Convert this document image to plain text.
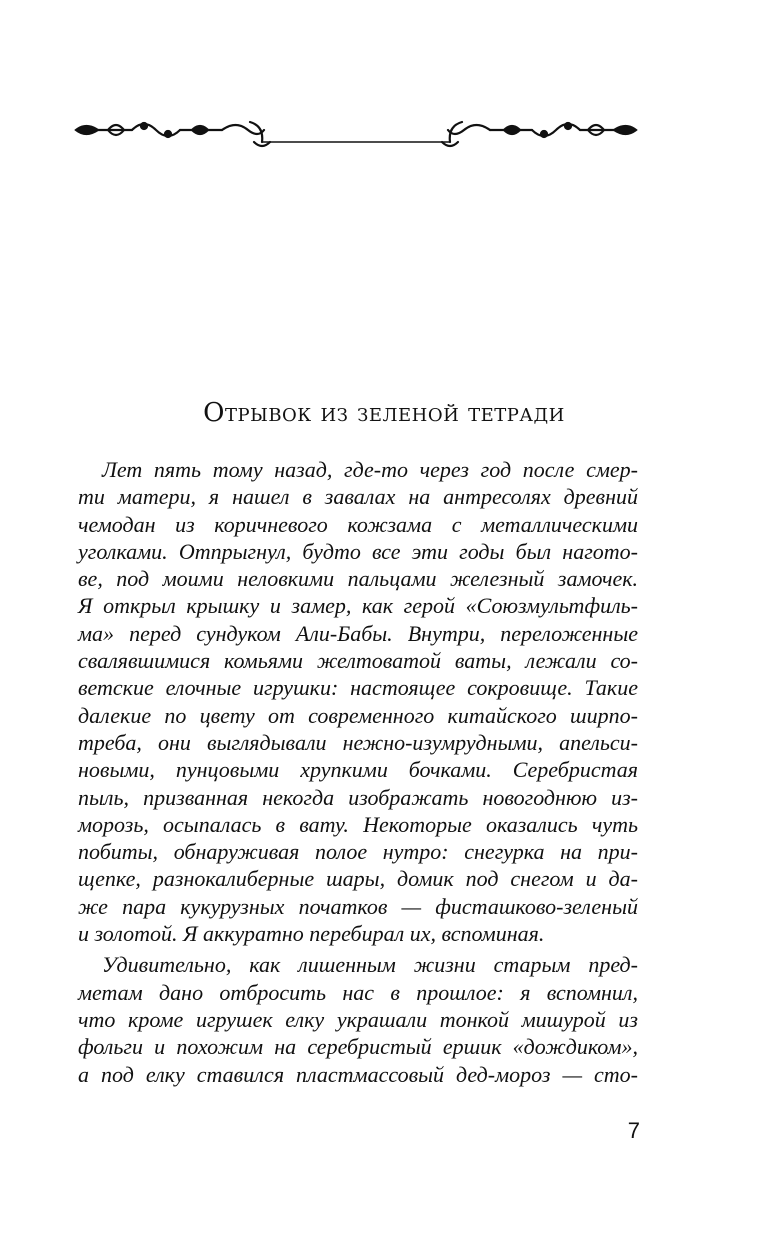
Отрывок из зеленой тетради

Лет пять тому назад, где-то через год после смер-

ти матери, я нашел в завалах на антресолях древний

чемодан из коричневого кожзама с металлическими

уголками. Отпрыгнул, будто все эти годы был нагото-

ве, под моими неловкими пальцами железный замочек.

Я открыл крышку и замер, как герой «Союзмультфиль-

ма» перед сундуком Али-Бабы. Внутри, переложенные

свалявшимися комьями желтоватой ваты, лежали со-

ветские елочные игрушки: настоящее сокровище. Такие

далекие по цвету от современного китайского ширпо-

треба, они выглядывали нежно-изумрудными, апельси-

новыми, пунцовыми хрупкими бочками. Серебристая

пыль, призванная некогда изображать новогоднюю из-

морозь, осыпалась в вату. Некоторые оказались чуть

побиты, обнаруживая полое нутро: снегурка на при-

щепке, разнокалиберные шары, домик под снегом и да-

же пара кукурузных початков — фисташково-зеленый

и золотой. Я аккуратно перебирал их, вспоминая.

Удивительно, как лишенным жизни старым пред-

метам дано отбросить нас в прошлое: я вспомнил,

что кроме игрушек елку украшали тонкой мишурой из

фольги и похожим на серебристый ершик «дождиком»,

а под елку ставился пластмассовый дед-мороз — сто-

7
